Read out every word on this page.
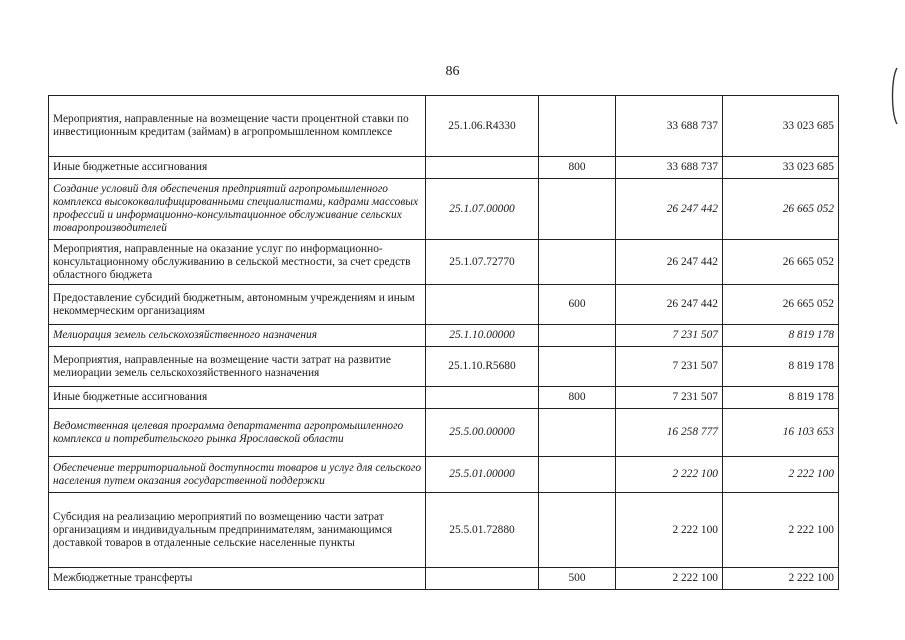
86
Мероприятия, направленные на возмещение части процентной ставки по инвестиционным кредитам (займам) в агропромышленном комплексе	25.1.06.R4330		33 688 737	33 023 685
Иные бюджетные ассигнования		800	33 688 737	33 023 685
Создание условий для обеспечения предприятий агропромышленного комплекса высококвалифицированными специалистами, кадрами массовых профессий и информационно-консультационное обслуживание сельских товаропроизводителей	25.1.07.00000		26 247 442	26 665 052
Мероприятия, направленные на оказание услуг по информационно-консультационному обслуживанию в сельской местности, за счет средств областного бюджета	25.1.07.72770		26 247 442	26 665 052
Предоставление субсидий бюджетным, автономным учреждениям и иным некоммерческим организациям		600	26 247 442	26 665 052
Мелиорация земель сельскохозяйственного назначения	25.1.10.00000		7 231 507	8 819 178
Мероприятия, направленные на возмещение части затрат на развитие мелиорации земель сельскохозяйственного назначения	25.1.10.R5680		7 231 507	8 819 178
Иные бюджетные ассигнования		800	7 231 507	8 819 178
Ведомственная целевая программа департамента агропромышленного комплекса и потребительского рынка Ярославской области	25.5.00.00000		16 258 777	16 103 653
Обеспечение территориальной доступности товаров и услуг для сельского населения путем оказания государственной поддержки	25.5.01.00000		2 222 100	2 222 100
Субсидия на реализацию мероприятий по возмещению части затрат организациям и индивидуальным предпринимателям, занимающимся доставкой товаров в отдаленные сельские населенные пункты	25.5.01.72880		2 222 100	2 222 100
Межбюджетные трансферты		500	2 222 100	2 222 100
